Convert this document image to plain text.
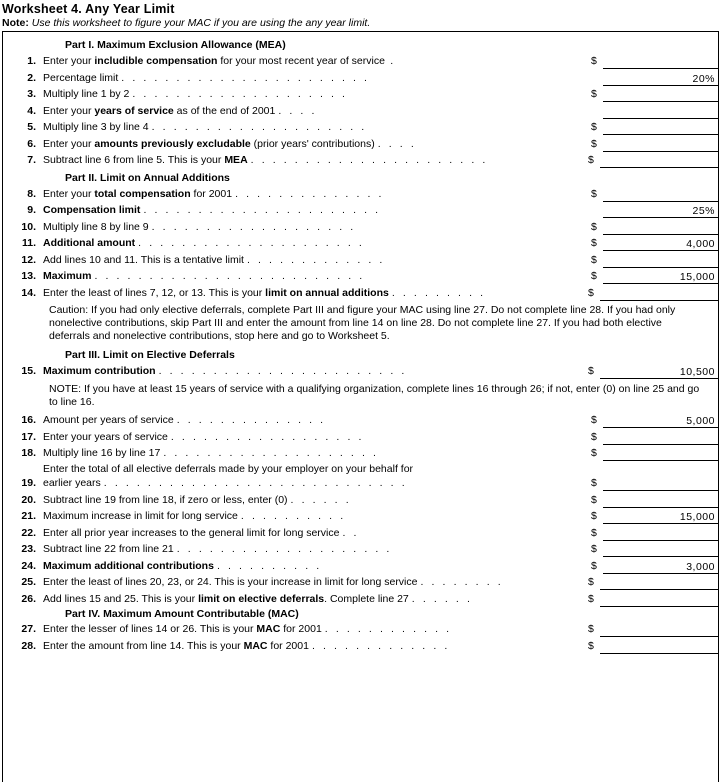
Worksheet 4. Any Year Limit
Note: Use this worksheet to figure your MAC if you are using the any year limit.
Part I. Maximum Exclusion Allowance (MEA)
1. Enter your includible compensation for your most recent year of service .	$
2. Percentage limit . . . . . . . . . . . . . . . . . . . . . . .	20%
3. Multiply line 1 by 2 . . . . . . . . . . . . . . . . . . . .	$
4. Enter your years of service as of the end of 2001 . . . .
5. Multiply line 3 by line 4 . . . . . . . . . . . . . . . . . . . .	$
6. Enter your amounts previously excludable (prior years' contributions) . . . .	$
7. Subtract line 6 from line 5. This is your MEA . . . . . . . . . . . . . . . . . . . . . .	$
Part II. Limit on Annual Additions
8. Enter your total compensation for 2001 . . . . . . . . . . . . . .	$
9. Compensation limit . . . . . . . . . . . . . . . . . . . . . .	25%
10. Multiply line 8 by line 9 . . . . . . . . . . . . . . . . . . .	$
11. Additional amount . . . . . . . . . . . . . . . . . . . . .	$	4,000
12. Add lines 10 and 11. This is a tentative limit . . . . . . . . . . . . .	$
13. Maximum . . . . . . . . . . . . . . . . . . . . . . . . .	$	15,000
14. Enter the least of lines 7, 12, or 13. This is your limit on annual additions . . . . . . . . .	$
Caution: If you had only elective deferrals, complete Part III and figure your MAC using line 27. Do not complete line 28. If you had only nonelective contributions, skip Part III and enter the amount from line 14 on line 28. Do not complete line 27. If you had both elective deferrals and nonelective contributions, stop here and go to Worksheet 5.
Part III. Limit on Elective Deferrals
15. Maximum contribution . . . . . . . . . . . . . . . . . . . . . . .	$	10,500
NOTE: If you have at least 15 years of service with a qualifying organization, complete lines 16 through 26; if not, enter (0) on line 25 and go to line 16.
16. Amount per years of service . . . . . . . . . . . . . .	$	5,000
17. Enter your years of service . . . . . . . . . . . . . . . . . .	$
18. Multiply line 16 by line 17 . . . . . . . . . . . . . . . . . . . .	$
19.
Enter the total of all elective deferrals made by your employer on your behalf for
earlier years . . . . . . . . . . . . . . . . . . . . . . . . . . . .	$
20. Subtract line 19 from line 18, if zero or less, enter (0) . . . . . .	$
21. Maximum increase in limit for long service . . . . . . . . . .	$	15,000
22. Enter all prior year increases to the general limit for long service . .	$
23. Subtract line 22 from line 21 . . . . . . . . . . . . . . . . . . . .	$
24. Maximum additional contributions . . . . . . . . . .	$	3,000
25. Enter the least of lines 20, 23, or 24. This is your increase in limit for long service . . . . . . . .	$
26. Add lines 15 and 25. This is your limit on elective deferrals. Complete line 27 . . . . . .	$
Part IV. Maximum Amount Contributable (MAC)
27. Enter the lesser of lines 14 or 26. This is your MAC for 2001 . . . . . . . . . . . .	$
28. Enter the amount from line 14. This is your MAC for 2001 . . . . . . . . . . . . .	$
